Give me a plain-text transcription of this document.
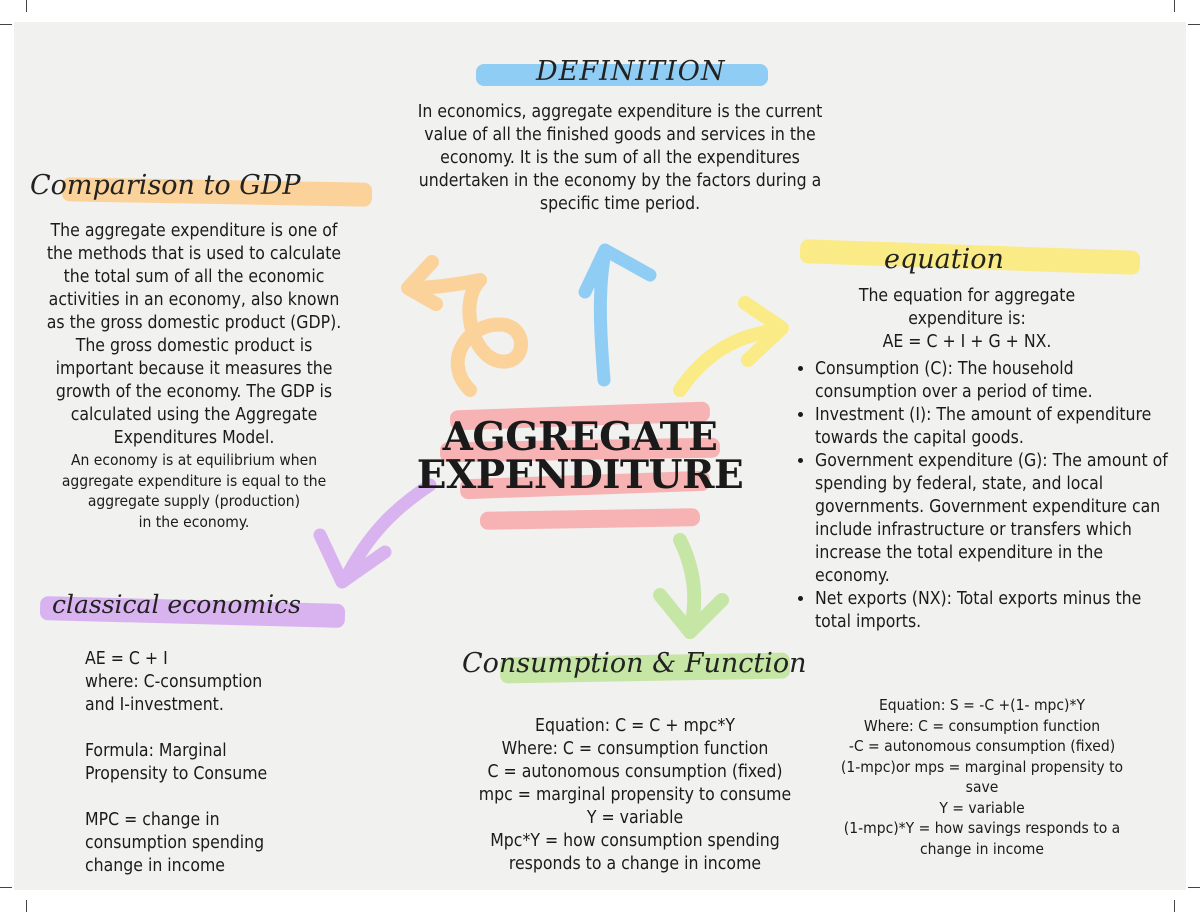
DEFINITION
Comparison to GDP
equation
classical economics
Consumption & Function
AGGREGATE
EXPENDITURE
In economics, aggregate expenditure is the current
value of all the finished goods and services in the
economy. It is the sum of all the expenditures
undertaken in the economy by the factors during a
specific time period.
The aggregate expenditure is one of
the methods that is used to calculate
the total sum of all the economic
activities in an economy, also known
as the gross domestic product (GDP).
The gross domestic product is
important because it measures the
growth of the economy. The GDP is
calculated using the Aggregate
Expenditures Model.
An economy is at equilibrium when
aggregate expenditure is equal to the
aggregate supply (production)
in the economy.
The equation for aggregate
expenditure is:
AE = C + I + G + NX.
• Consumption (C): The household consumption over a period of time.
• Investment (I): The amount of expenditure towards the capital goods.
• Government expenditure (G): The amount of spending by federal, state, and local governments. Government expenditure can include infrastructure or transfers which increase the total expenditure in the economy.
• Net exports (NX): Total exports minus the total imports.
AE = C + I
where: C-consumption
and I-investment.
Formula: Marginal
Propensity to Consume
MPC = change in
consumption spending
change in income
Equation: C = C + mpc*Y
Where: C = consumption function
C = autonomous consumption (fixed)
mpc = marginal propensity to consume
Y = variable
Mpc*Y = how consumption spending
responds to a change in income
Equation: S = -C +(1- mpc)*Y
Where: C = consumption function
-C = autonomous consumption (fixed)
(1-mpc)or mps = marginal propensity to
save
Y = variable
(1-mpc)*Y = how savings responds to a
change in income
